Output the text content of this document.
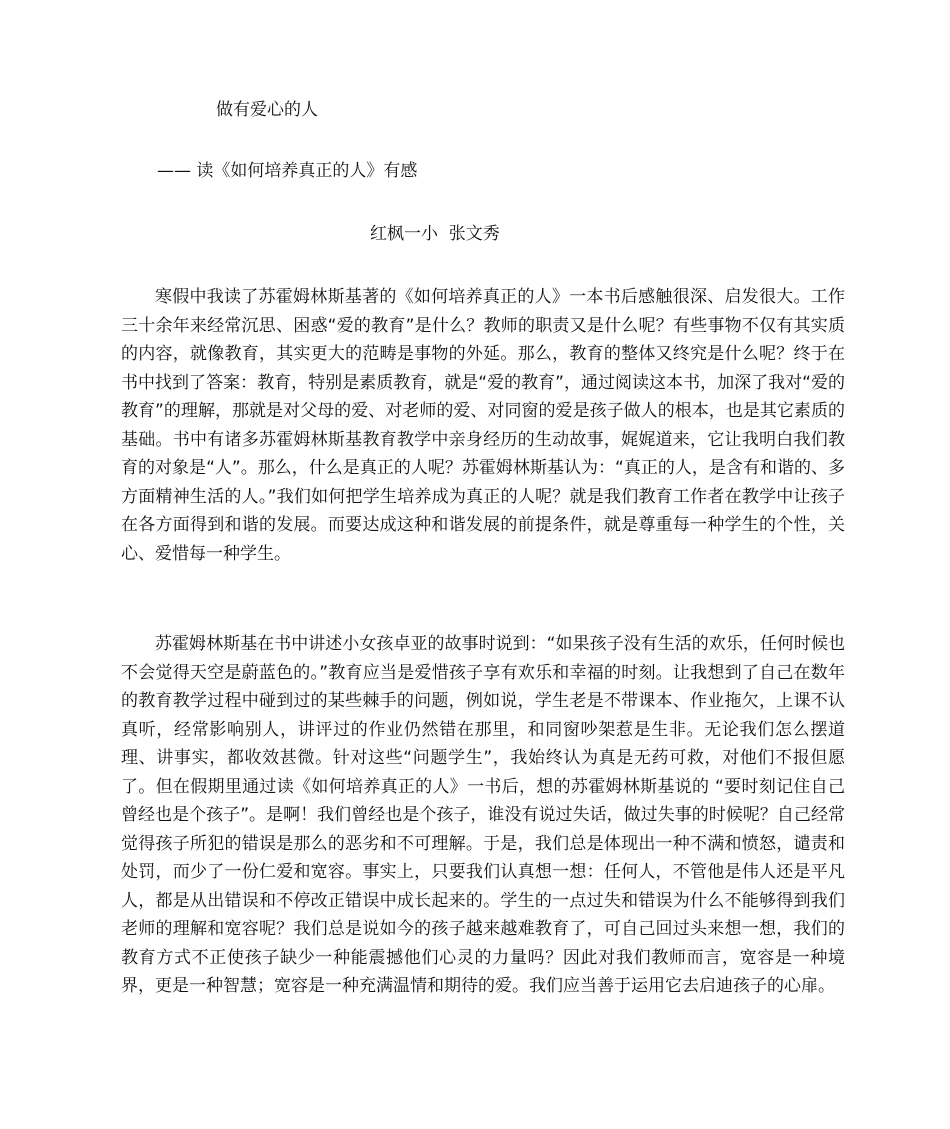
做有爱心的人
—— 读《如何培养真正的人》有感
红枫一小  张文秀

寒假中我读了苏霍姆林斯基著的《如何培养真正的人》一本书后感触很深、启发很大。工作三十余年来经常沉思、困惑“爱的教育”是什么？教师的职责又是什么呢？有些事物不仅有其实质的内容，就像教育，其实更大的范畴是事物的外延。那么，教育的整体又终究是什么呢？终于在书中找到了答案：教育，特别是素质教育，就是“爱的教育”，通过阅读这本书，加深了我对“爱的教育”的理解，那就是对父母的爱、对老师的爱、对同窗的爱是孩子做人的根本，也是其它素质的基础。书中有诸多苏霍姆林斯基教育教学中亲身经历的生动故事，娓娓道来，它让我明白我们教育的对象是“人”。那么，什么是真正的人呢？苏霍姆林斯基认为：“真正的人，是含有和谐的、多方面精神生活的人。”我们如何把学生培养成为真正的人呢？就是我们教育工作者在教学中让孩子在各方面得到和谐的发展。而要达成这种和谐发展的前提条件，就是尊重每一种学生的个性，关心、爱惜每一种学生。

苏霍姆林斯基在书中讲述小女孩卓亚的故事时说到：“如果孩子没有生活的欢乐，任何时候也不会觉得天空是蔚蓝色的。”教育应当是爱惜孩子享有欢乐和幸福的时刻。让我想到了自己在数年的教育教学过程中碰到过的某些棘手的问题，例如说，学生老是不带课本、作业拖欠，上课不认真听，经常影响别人，讲评过的作业仍然错在那里，和同窗吵架惹是生非。无论我们怎么摆道理、讲事实，都收效甚微。针对这些“问题学生”，我始终认为真是无药可救，对他们不报但愿了。但在假期里通过读《如何培养真正的人》一书后，想的苏霍姆林斯基说的 “要时刻记住自己曾经也是个孩子”。是啊！我们曾经也是个孩子，谁没有说过失话，做过失事的时候呢？自己经常觉得孩子所犯的错误是那么的恶劣和不可理解。于是，我们总是体现出一种不满和愤怒，谴责和处罚，而少了一份仁爱和宽容。事实上，只要我们认真想一想：任何人，不管他是伟人还是平凡人，都是从出错误和不停改正错误中成长起来的。学生的一点过失和错误为什么不能够得到我们老师的理解和宽容呢？我们总是说如今的孩子越来越难教育了，可自己回过头来想一想，我们的教育方式不正使孩子缺少一种能震撼他们心灵的力量吗？因此对我们教师而言，宽容是一种境界，更是一种智慧；宽容是一种充满温情和期待的爱。我们应当善于运用它去启迪孩子的心扉。
